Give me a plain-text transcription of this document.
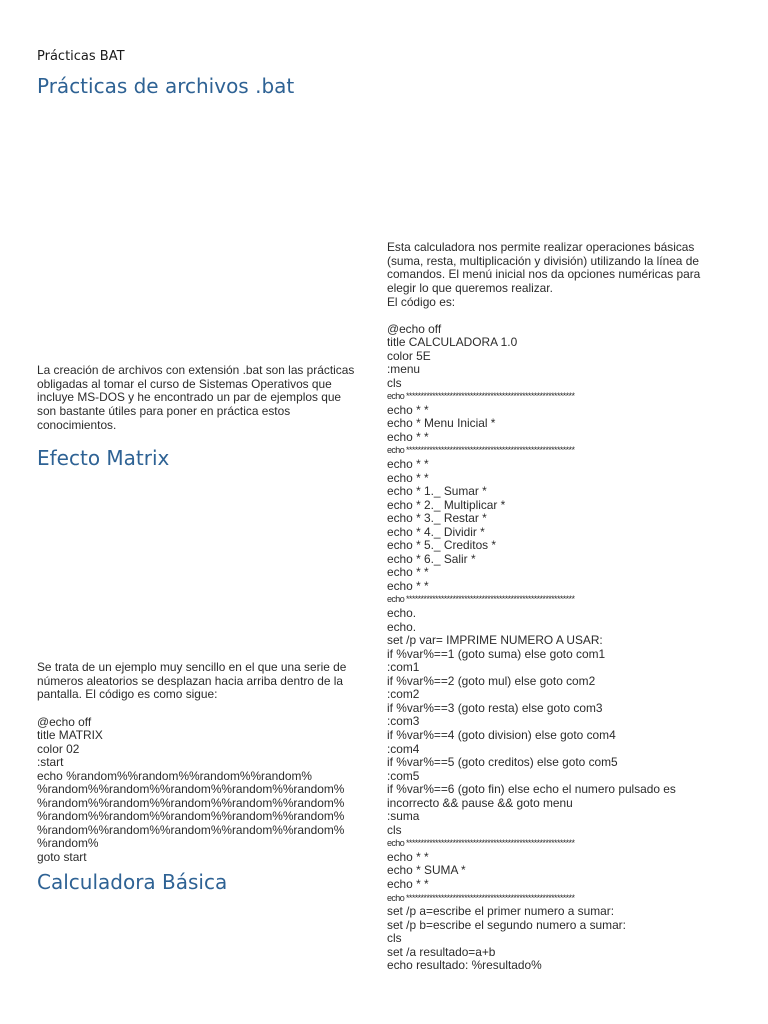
Prácticas BAT
Prácticas de archivos .bat
La creación de archivos con extensión .bat son las prácticas
obligadas al tomar el curso de Sistemas Operativos que
incluye MS-DOS y he encontrado un par de ejemplos que
son bastante útiles para poner en práctica estos
conocimientos.
Efecto Matrix
Se trata de un ejemplo muy sencillo en el que una serie de
números aleatorios se desplazan hacia arriba dentro de la
pantalla. El código es como sigue:
@echo off
title MATRIX
color 02
:start
echo %random%%random%%random%%random%
%random%%random%%random%%random%%random%
%random%%random%%random%%random%%random%
%random%%random%%random%%random%%random%
%random%%random%%random%%random%%random%
%random%
goto start
Calculadora Básica
Esta calculadora nos permite realizar operaciones básicas
(suma, resta, multiplicación y división) utilizando la línea de
comandos. El menú inicial nos da opciones numéricas para
elegir lo que queremos realizar.
El código es:
@echo off
title CALCULADORA 1.0
color 5E
:menu
cls
echo **********************************************************
echo * *
echo * Menu Inicial *
echo * *
echo **********************************************************
echo * *
echo * *
echo * 1._ Sumar *
echo * 2._ Multiplicar *
echo * 3._ Restar *
echo * 4._ Dividir *
echo * 5._ Creditos *
echo * 6._ Salir *
echo * *
echo * *
echo **********************************************************
echo.
echo.
set /p var= IMPRIME NUMERO A USAR:
if %var%==1 (goto suma) else goto com1
:com1
if %var%==2 (goto mul) else goto com2
:com2
if %var%==3 (goto resta) else goto com3
:com3
if %var%==4 (goto division) else goto com4
:com4
if %var%==5 (goto creditos) else goto com5
:com5
if %var%==6 (goto fin) else echo el numero pulsado es
incorrecto && pause && goto menu
:suma
cls
echo **********************************************************
echo * *
echo * SUMA *
echo * *
echo **********************************************************
set /p a=escribe el primer numero a sumar:
set /p b=escribe el segundo numero a sumar:
cls
set /a resultado=a+b
echo resultado: %resultado%
